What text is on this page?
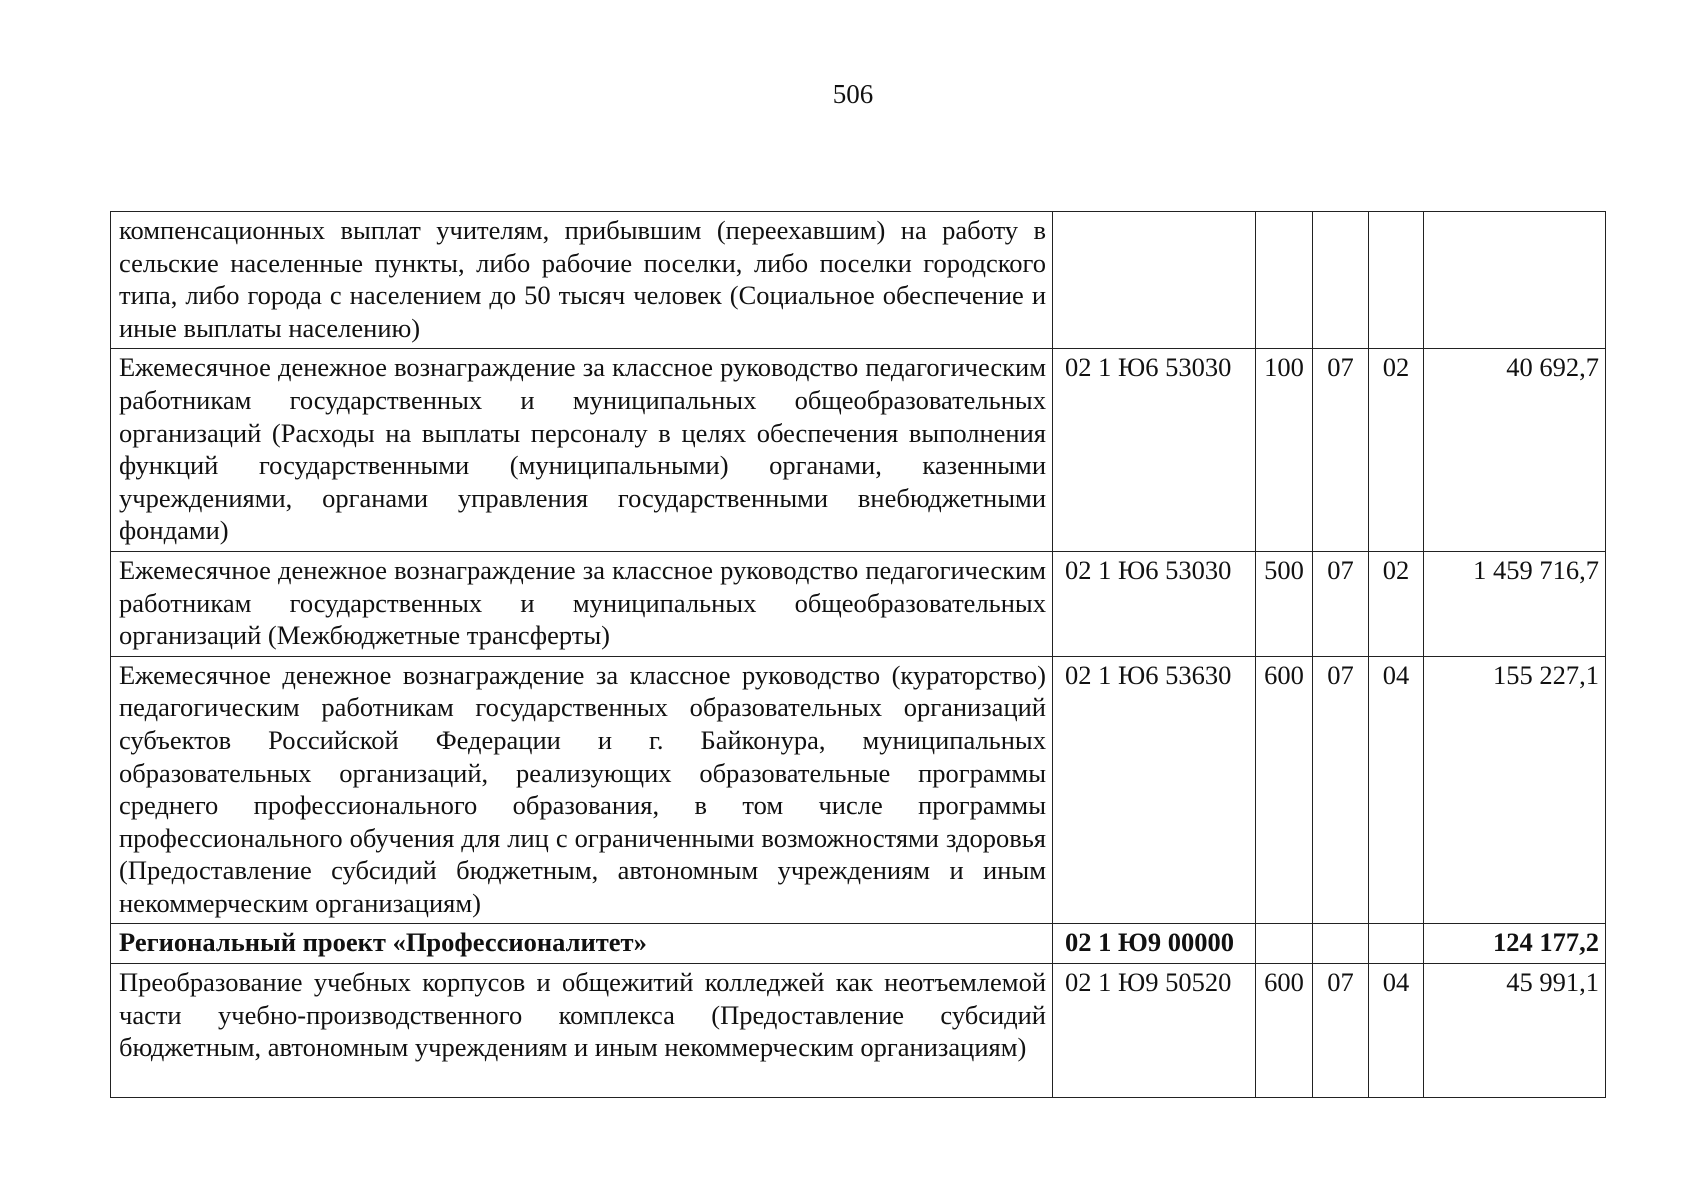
506
компенсационных выплат учителям, прибывшим (переехавшим) на работу в сельские населенные пункты, либо рабочие поселки, либо поселки городского типа, либо города с населением до 50 тысяч человек (Социальное обеспечение и иные выплаты населению)					
Ежемесячное денежное вознаграждение за классное руководство педагогическим работникам государственных и муниципальных общеобразовательных организаций (Расходы на выплаты персоналу в целях обеспечения выполнения функций государственными (муниципальными) органами, казенными учреждениями, органами управления государственными внебюджетными фондами)	02 1 Ю6 53030	100	07	02	40 692,7
Ежемесячное денежное вознаграждение за классное руководство педагогическим работникам государственных и муниципальных общеобразовательных организаций (Межбюджетные трансферты)	02 1 Ю6 53030	500	07	02	1 459 716,7
Ежемесячное денежное вознаграждение за классное руководство (кураторство) педагогическим работникам государственных образовательных организаций субъектов Российской Федерации и г. Байконура, муниципальных образовательных организаций, реализующих образовательные программы среднего профессионального образования, в том числе программы профессионального обучения для лиц с ограниченными возможностями здоровья (Предоставление субсидий бюджетным, автономным учреждениям и иным некоммерческим организациям)	02 1 Ю6 53630	600	07	04	155 227,1
Региональный проект «Профессионалитет»	02 1 Ю9 00000				124 177,2
Преобразование учебных корпусов и общежитий колледжей как неотъемлемой части учебно-производственного комплекса (Предоставление субсидий бюджетным, автономным учреждениям и иным некоммерческим организациям)	02 1 Ю9 50520	600	07	04	45 991,1
